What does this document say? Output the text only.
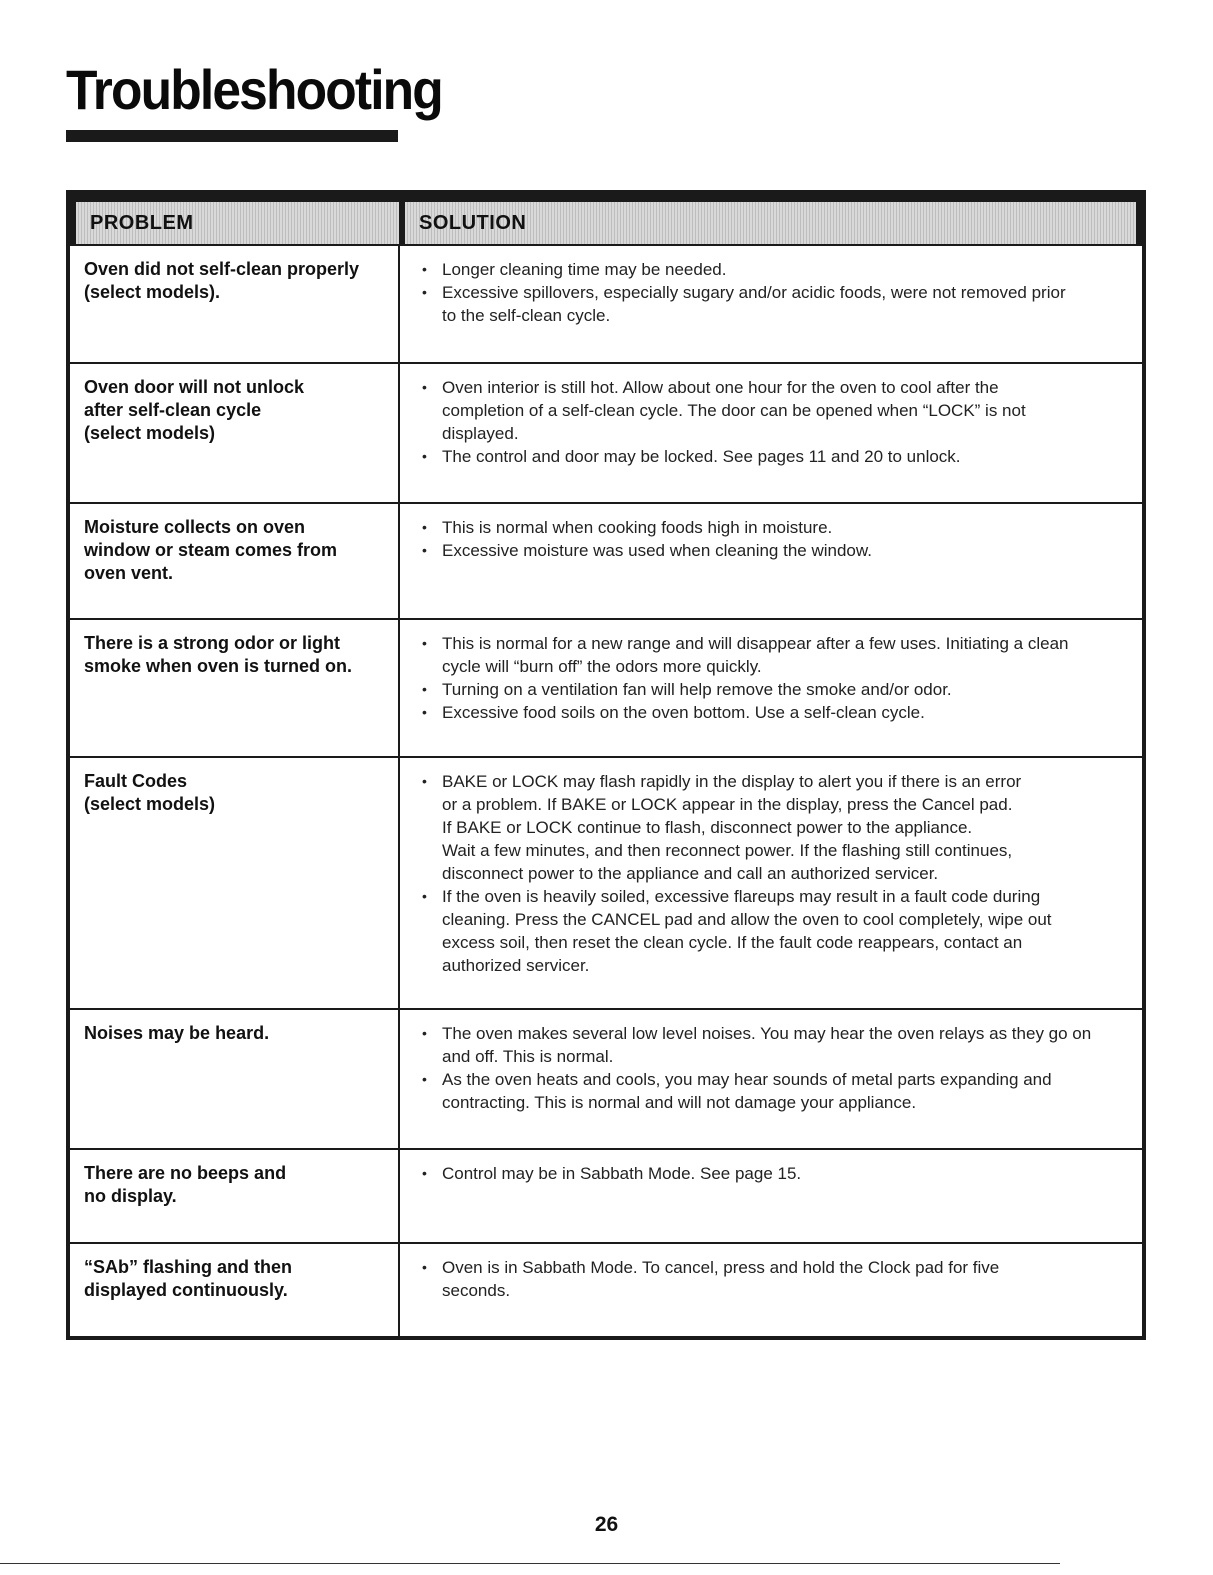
Troubleshooting
PROBLEM	SOLUTION
Oven did not self-clean properly
(select models).
• Longer cleaning time may be needed.
• Excessive spillovers, especially sugary and/or acidic foods, were not removed prior
to the self-clean cycle.
Oven door will not unlock
after self-clean cycle
(select models)
• Oven interior is still hot. Allow about one hour for the oven to cool after the
completion of a self-clean cycle. The door can be opened when “LOCK” is not
displayed.
• The control and door may be locked. See pages 11 and 20 to unlock.
Moisture collects on oven
window or steam comes from
oven vent.
• This is normal when cooking foods high in moisture.
• Excessive moisture was used when cleaning the window.
There is a strong odor or light
smoke when oven is turned on.
• This is normal for a new range and will disappear after a few uses. Initiating a clean
cycle will “burn off” the odors more quickly.
• Turning on a ventilation fan will help remove the smoke and/or odor.
• Excessive food soils on the oven bottom. Use a self-clean cycle.
Fault Codes
(select models)
• BAKE or LOCK may flash rapidly in the display to alert you if there is an error
or a problem. If BAKE or LOCK appear in the display, press the Cancel pad.
If BAKE or LOCK continue to flash, disconnect power to the appliance.
Wait a few minutes, and then reconnect power. If the flashing still continues,
disconnect power to the appliance and call an authorized servicer.
• If the oven is heavily soiled, excessive flareups may result in a fault code during
cleaning. Press the CANCEL pad and allow the oven to cool completely, wipe out
excess soil, then reset the clean cycle. If the fault code reappears, contact an
authorized servicer.
Noises may be heard.
•	The oven makes several low level noises. You may hear the oven relays as they go on
and off. This is normal.
• As the oven heats and cools, you may hear sounds of metal parts expanding and
contracting. This is normal and will not damage your appliance.
There are no beeps and
no display.
• Control may be in Sabbath Mode. See page 15.
“SAb” flashing and then
displayed continuously.
• Oven is in Sabbath Mode. To cancel, press and hold the Clock pad for five
seconds.
26
